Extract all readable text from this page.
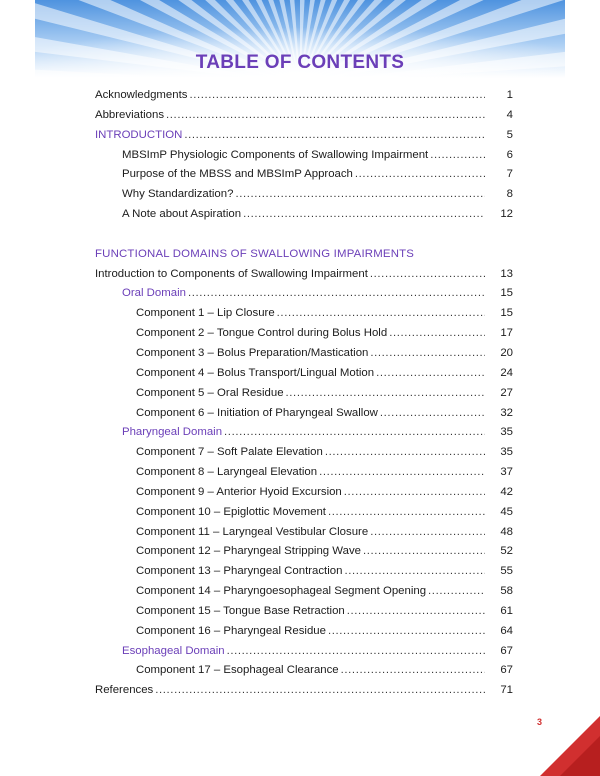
TABLE OF CONTENTS
Acknowledgments .....	1
Abbreviations .....	4
INTRODUCTION .....	5
MBSImP Physiologic Components of Swallowing Impairment .....	6
Purpose of the MBSS and MBSImP Approach .....	7
Why Standardization? .....	8
A Note about Aspiration .....	12
FUNCTIONAL DOMAINS OF SWALLOWING IMPAIRMENTS
Introduction to Components of Swallowing Impairment .....	13
Oral Domain .....	15
Component 1 – Lip Closure .....	15
Component 2 – Tongue Control during Bolus Hold .....	17
Component 3 – Bolus Preparation/Mastication .....	20
Component 4 – Bolus Transport/Lingual Motion .....	24
Component 5 – Oral Residue .....	27
Component 6 – Initiation of Pharyngeal Swallow .....	32
Pharyngeal Domain .....	35
Component 7 – Soft Palate Elevation .....	35
Component 8 – Laryngeal Elevation .....	37
Component 9 – Anterior Hyoid Excursion .....	42
Component 10 – Epiglottic Movement .....	45
Component 11 – Laryngeal Vestibular Closure .....	48
Component 12 – Pharyngeal Stripping Wave .....	52
Component 13 – Pharyngeal Contraction .....	55
Component 14 – Pharyngoesophageal Segment Opening .....	58
Component 15 – Tongue Base Retraction .....	61
Component 16 – Pharyngeal Residue .....	64
Esophageal Domain .....	67
Component 17 – Esophageal Clearance .....	67
References .....	71
3
